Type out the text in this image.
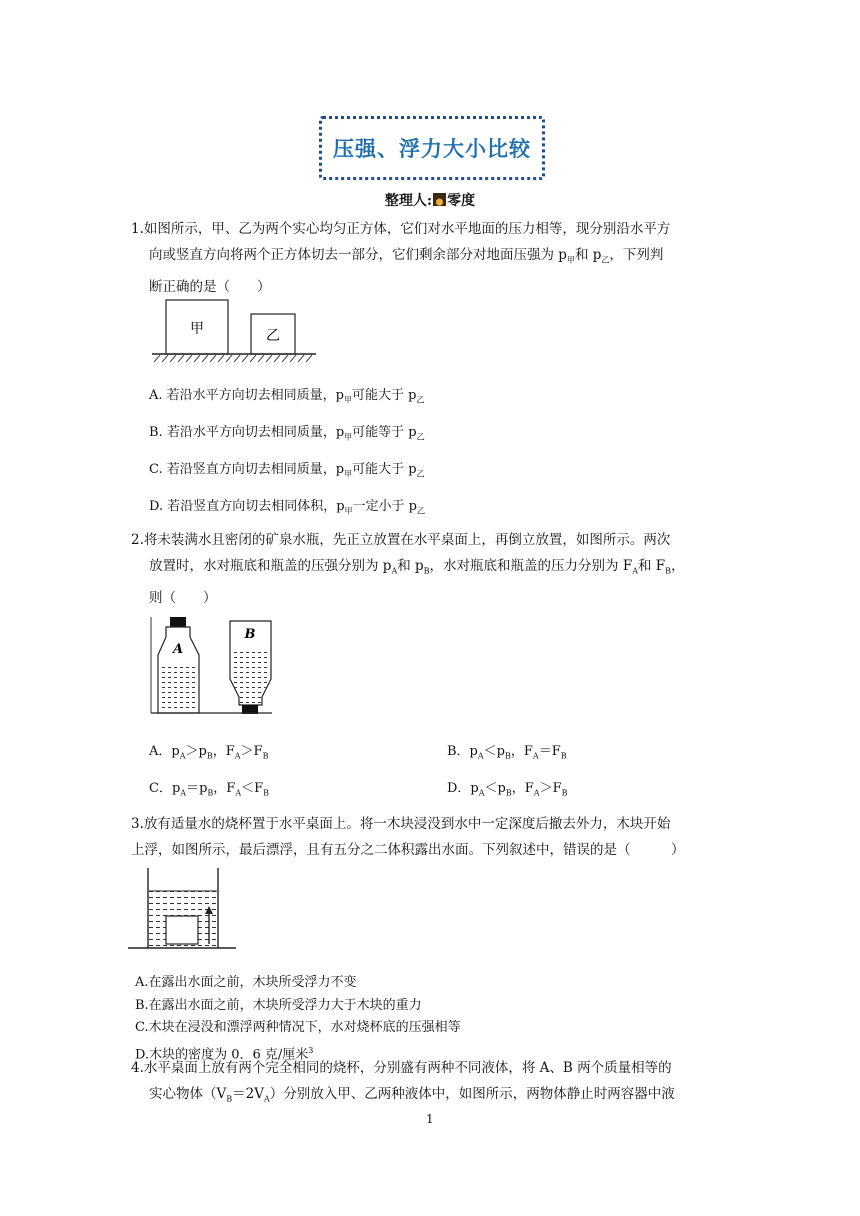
压强、浮力大小比较
整理人: 零度
1.如图所示，甲、乙为两个实心均匀正方体，它们对水平地面的压力相等，现分别沿水平方
向或竖直方向将两个正方体切去一部分，它们剩余部分对地面压强为 $p_甲$和 $p_乙$，下列判
断正确的是（　　）
甲	乙
A. 若沿水平方向切去相同质量，$p_甲$可能大于 $p_乙$
B. 若沿水平方向切去相同质量，$p_甲$可能等于 $p_乙$
C. 若沿竖直方向切去相同质量，$p_甲$可能大于 $p_乙$
D. 若沿竖直方向切去相同体积，$p_甲$一定小于 $p_乙$
2.将未装满水且密闭的矿泉水瓶，先正立放置在水平桌面上，再倒立放置，如图所示。两次
放置时，水对瓶底和瓶盖的压强分别为 $p_A$和 $p_B$，水对瓶底和瓶盖的压力分别为 $F_A$和 $F_B$，
则（　　）
A
B
A．$p_A>p_B$，$F_A>F_B$	B．$p_A<p_B$，$F_A=F_B$
C．$p_A=p_B$，$F_A<F_B$	D．$p_A<p_B$，$F_A>F_B$
3.放有适量水的烧杯置于水平桌面上。将一木块浸没到水中一定深度后撤去外力，木块开始
上浮，如图所示，最后漂浮，且有五分之二体积露出水面。下列叙述中，错误的是（　　　）
A.在露出水面之前，木块所受浮力不变
B.在露出水面之前，木块所受浮力大于木块的重力
C.木块在浸没和漂浮两种情况下，水对烧杯底的压强相等
D.木块的密度为 0．6 克/厘米$^3$
4.水平桌面上放有两个完全相同的烧杯，分别盛有两种不同液体，将 A、B 两个质量相等的
实心物体$(V_B=2V_A)$分别放入甲、乙两种液体中，如图所示，两物体静止时两容器中液
1
